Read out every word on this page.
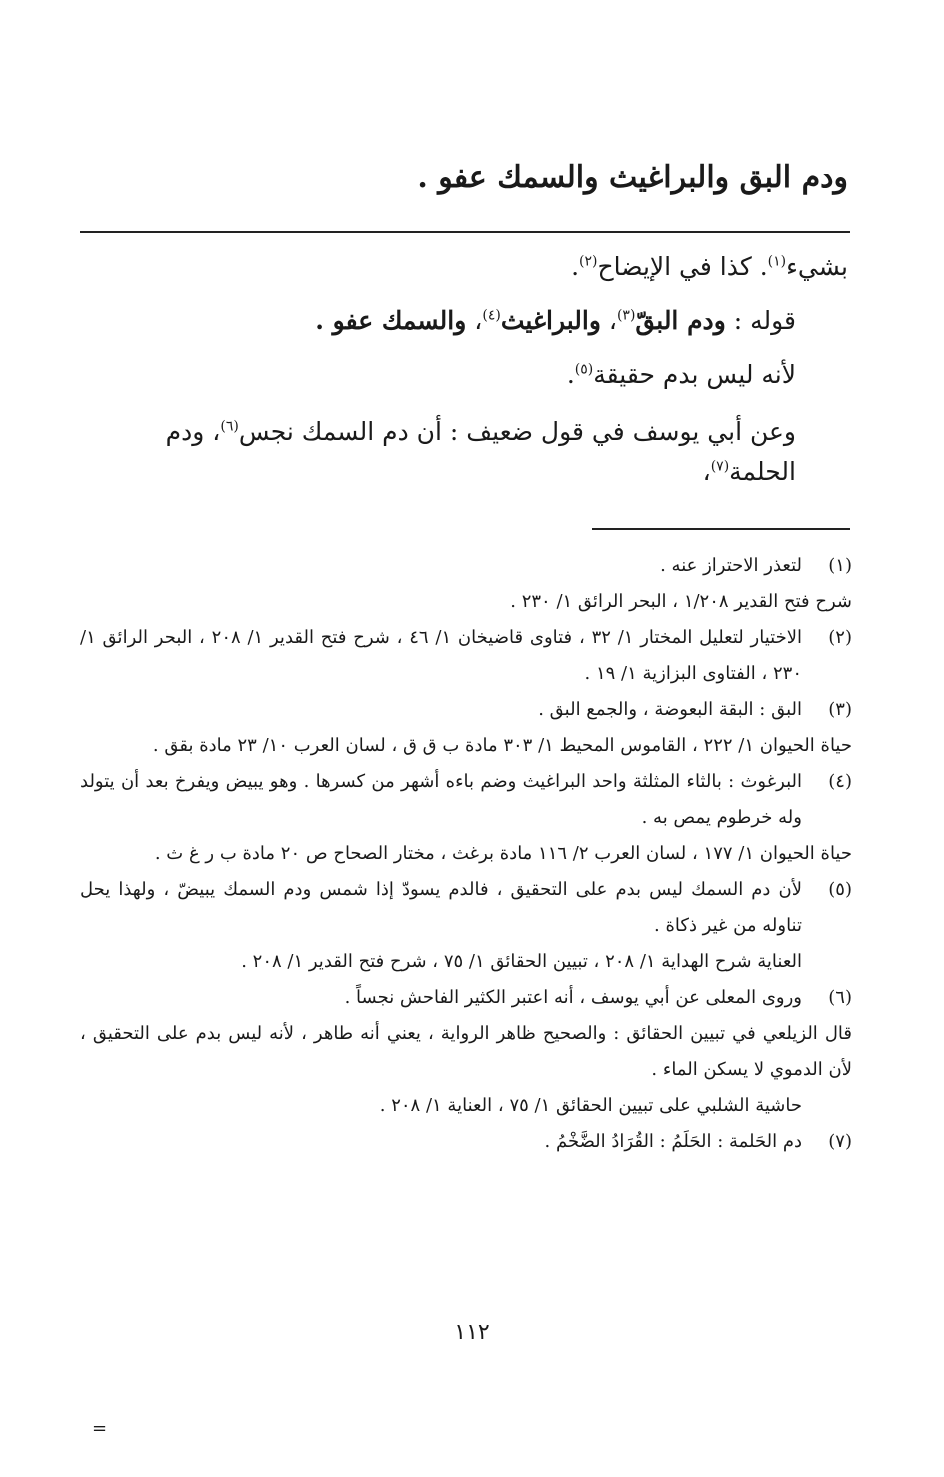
ودم البق والبراغيث والسمك عفو .

بشيء$^{(١)}$. كذا في الإيضاح$^{(٢)}$.

قوله : ودم البقّ$^{(٣)}$، والبراغيث$^{(٤)}$، والسمك عفو .

لأنه ليس بدم حقيقة$^{(٥)}$.

وعن أبي يوسف في قول ضعيف : أن دم السمك نجس$^{(٦)}$، ودم الحلمة$^{(٧)}$،

(١)

لتعذر الاحتراز عنه .

شرح فتح القدير ١/٢٠٨ ، البحر الرائق ١/ ٢٣٠ .

(٢)

الاختيار لتعليل المختار ١/ ٣٢ ، فتاوى قاضيخان ١/ ٤٦ ، شرح فتح القدير ١/ ٢٠٨ ، البحر الرائق ١/ ٢٣٠ ، الفتاوى البزازية ١/ ١٩ .

(٣)

البق : البقة البعوضة ، والجمع البق .

حياة الحيوان ١/ ٢٢٢ ، القاموس المحيط ١/ ٣٠٣ مادة ب ق ق ، لسان العرب ١٠/ ٢٣ مادة بقق .

(٤)

البرغوث : بالثاء المثلثة واحد البراغيث وضم باءه أشهر من كسرها . وهو يبيض ويفرخ بعد أن يتولد وله خرطوم يمص به .

حياة الحيوان ١/ ١٧٧ ، لسان العرب ٢/ ١١٦ مادة برغث ، مختار الصحاح ص ٢٠ مادة ب ر غ ث .

(٥)

لأن دم السمك ليس بدم على التحقيق ، فالدم يسودّ إذا شمس ودم السمك يبيضّ ، ولهذا يحل تناوله من غير ذكاة .

العناية شرح الهداية ١/ ٢٠٨ ، تبيين الحقائق ١/ ٧٥ ، شرح فتح القدير ١/ ٢٠٨ .

(٦)

وروى المعلى عن أبي يوسف ، أنه اعتبر الكثير الفاحش نجساً .

قال الزيلعي في تبيين الحقائق : والصحيح ظاهر الرواية ، يعني أنه طاهر ، لأنه ليس بدم على التحقيق ، لأن الدموي لا يسكن الماء .

حاشية الشلبي على تبيين الحقائق ١/ ٧٥ ، العناية ١/ ٢٠٨ .

(٧)

دم الحَلمة : الحَلَمُ : القُرَادُ الضَّخْمُ .

=
١١٢
